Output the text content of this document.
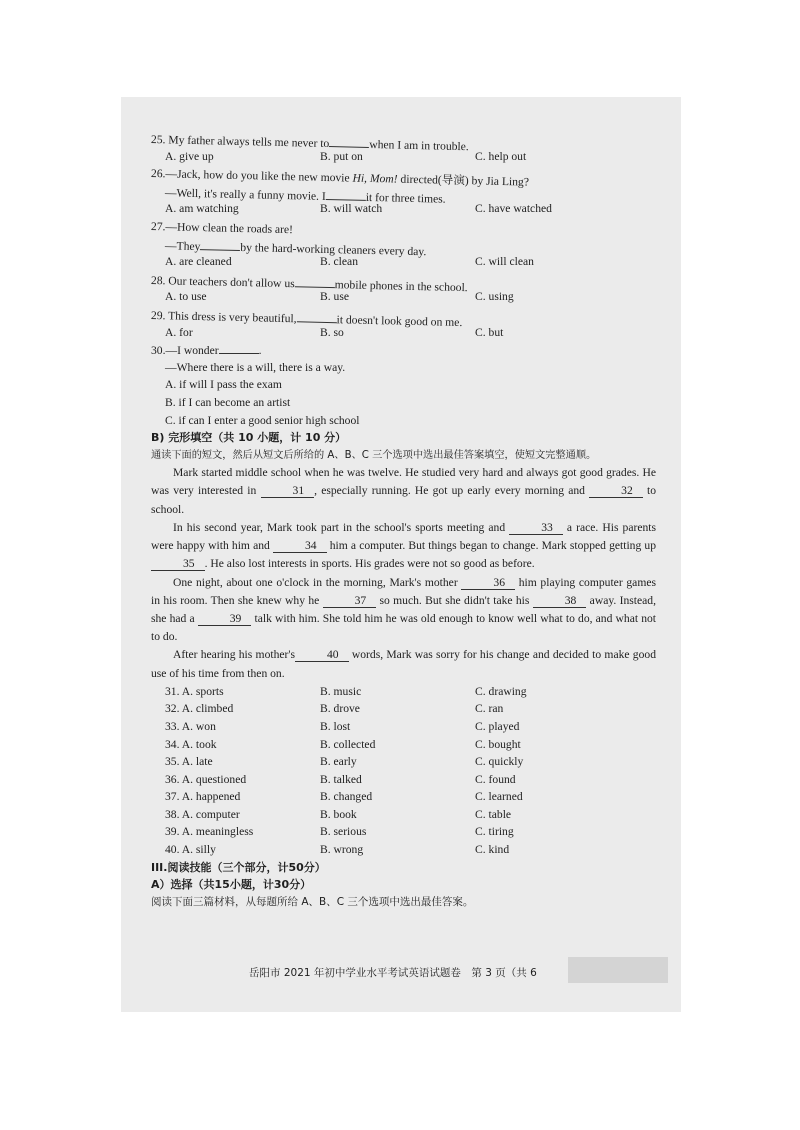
25. My father always tells me never to	when I am in trouble.
A. give up	B. put on	C. help out
26.—Jack, how do you like the new movie Hi, Mom! directed(导演) by Jia Ling?
—Well, it's really a funny movie. I	it for three times.
A. am watching	B. will watch	C. have watched
27.—How clean the roads are!
—They	by the hard-working cleaners every day.
A. are cleaned	B. clean	C. will clean
28. Our teachers don't allow us	mobile phones in the school.
A. to use	B. use	C. using
29. This dress is very beautiful,	it doesn't look good on me.
A. for	B. so	C. but
30.—I wonder	.
—Where there is a will, there is a way.
A. if will I pass the exam
B. if I can become an artist
C. if can I enter a good senior high school
B) 完形填空（共 10 小题，计 10 分）
通读下面的短文，然后从短文后所给的 A、B、C 三个选项中选出最佳答案填空，使短文完整通顺。

Mark started middle school when he was twelve. He studied very hard and always got good grades. He was very interested in	31 , especially running. He got up early every morning and	32 to school.

In his second year, Mark took part in the school's sports meeting and	33 a race. His parents were happy with him and	34 him a computer. But things began to change. Mark stopped getting up 35 . He also lost interests in sports. His grades were not so good as before.

One night, about one o'clock in the morning, Mark's mother	36 him playing computer games in his room. Then she knew why he	37 so much. But she didn't take his	38 away. Instead, she had a	39 talk with him. She told him he was old enough to know well what to do, and what not to do.

After hearing his mother's	40 words, Mark was sorry for his change and decided to make good use of his time from then on.

31. A. sports	B. music	C. drawing
32. A. climbed	B. drove	C. ran
33. A. won	B. lost	C. played
34. A. took	B. collected	C. bought
35. A. late	B. early	C. quickly
36. A. questioned	B. talked	C. found
37. A. happened	B. changed	C. learned
38. A. computer	B. book	C. table
39. A. meaningless	B. serious	C. tiring
40. A. silly	B. wrong	C. kind
III.阅读技能（三个部分，计50分）
A）选择（共15小题，计30分）
阅读下面三篇材料，从每题所给 A、B、C 三个选项中选出最佳答案。
岳阳市 2021 年初中学业水平考试英语试题卷　第 3 页（共 6
